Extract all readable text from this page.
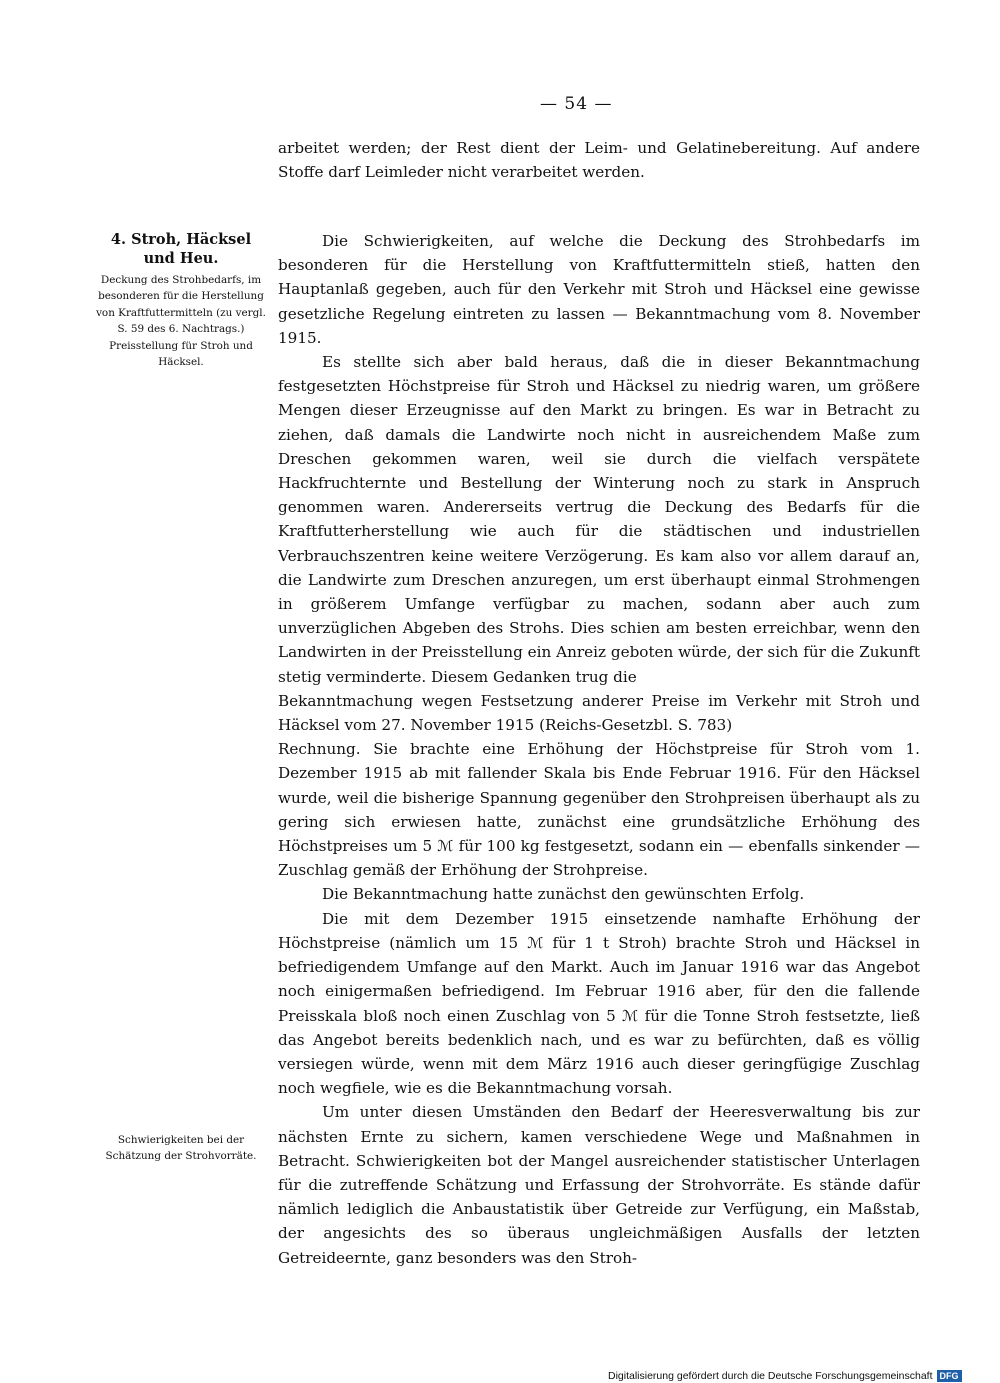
— 54 —

arbeitet werden; der Rest dient der Leim- und Gelatinebereitung. Auf andere Stoffe darf Leimleder nicht verarbeitet werden.

4. Stroh, Häcksel und Heu.

Deckung des Strohbedarfs, im besonderen für die Herstellung von Kraftfuttermitteln (zu vergl. S. 59 des 6. Nachtrags.)

Preisstellung für Stroh und Häcksel.

Schwierigkeiten bei der Schätzung der Strohvorräte.

Die Schwierigkeiten, auf welche die Deckung des Strohbedarfs im besonderen für die Herstellung von Kraftfuttermitteln stieß, hatten den Hauptanlaß gegeben, auch für den Verkehr mit Stroh und Häcksel eine gewisse gesetzliche Regelung eintreten zu lassen — Bekanntmachung vom 8. November 1915.

Es stellte sich aber bald heraus, daß die in dieser Bekanntmachung festgesetzten Höchstpreise für Stroh und Häcksel zu niedrig waren, um größere Mengen dieser Erzeugnisse auf den Markt zu bringen. Es war in Betracht zu ziehen, daß damals die Landwirte noch nicht in ausreichendem Maße zum Dreschen gekommen waren, weil sie durch die vielfach verspätete Hackfruchternte und Bestellung der Winterung noch zu stark in Anspruch genommen waren. Andererseits vertrug die Deckung des Bedarfs für die Kraftfutterherstellung wie auch für die städtischen und industriellen Verbrauchszentren keine weitere Verzögerung. Es kam also vor allem darauf an, die Landwirte zum Dreschen anzuregen, um erst überhaupt einmal Strohmengen in größerem Umfange verfügbar zu machen, sodann aber auch zum unverzüglichen Abgeben des Strohs. Dies schien am besten erreichbar, wenn den Landwirten in der Preisstellung ein Anreiz geboten würde, der sich für die Zukunft stetig verminderte. Diesem Gedanken trug die

Bekanntmachung wegen Festsetzung anderer Preise im Verkehr mit Stroh und Häcksel vom 27. November 1915 (Reichs-Gesetzbl. S. 783)

Rechnung. Sie brachte eine Erhöhung der Höchstpreise für Stroh vom 1. Dezember 1915 ab mit fallender Skala bis Ende Februar 1916. Für den Häcksel wurde, weil die bisherige Spannung gegenüber den Strohpreisen überhaupt als zu gering sich erwiesen hatte, zunächst eine grundsätzliche Erhöhung des Höchstpreises um 5 ℳ für 100 kg festgesetzt, sodann ein — ebenfalls sinkender — Zuschlag gemäß der Erhöhung der Strohpreise.

Die Bekanntmachung hatte zunächst den gewünschten Erfolg.

Die mit dem Dezember 1915 einsetzende namhafte Erhöhung der Höchstpreise (nämlich um 15 ℳ für 1 t Stroh) brachte Stroh und Häcksel in befriedigendem Umfange auf den Markt. Auch im Januar 1916 war das Angebot noch einigermaßen befriedigend. Im Februar 1916 aber, für den die fallende Preisskala bloß noch einen Zuschlag von 5 ℳ für die Tonne Stroh festsetzte, ließ das Angebot bereits bedenklich nach, und es war zu befürchten, daß es völlig versiegen würde, wenn mit dem März 1916 auch dieser geringfügige Zuschlag noch wegfiele, wie es die Bekanntmachung vorsah.

Um unter diesen Umständen den Bedarf der Heeresverwaltung bis zur nächsten Ernte zu sichern, kamen verschiedene Wege und Maßnahmen in Betracht. Schwierigkeiten bot der Mangel ausreichender statistischer Unterlagen für die zutreffende Schätzung und Erfassung der Strohvorräte. Es stände dafür nämlich lediglich die Anbaustatistik über Getreide zur Verfügung, ein Maßstab, der angesichts des so überaus ungleichmäßigen Ausfalls der letzten Getreideernte, ganz besonders was den Stroh-

Digitalisierung gefördert durch die Deutsche Forschungsgemeinschaft DFG
